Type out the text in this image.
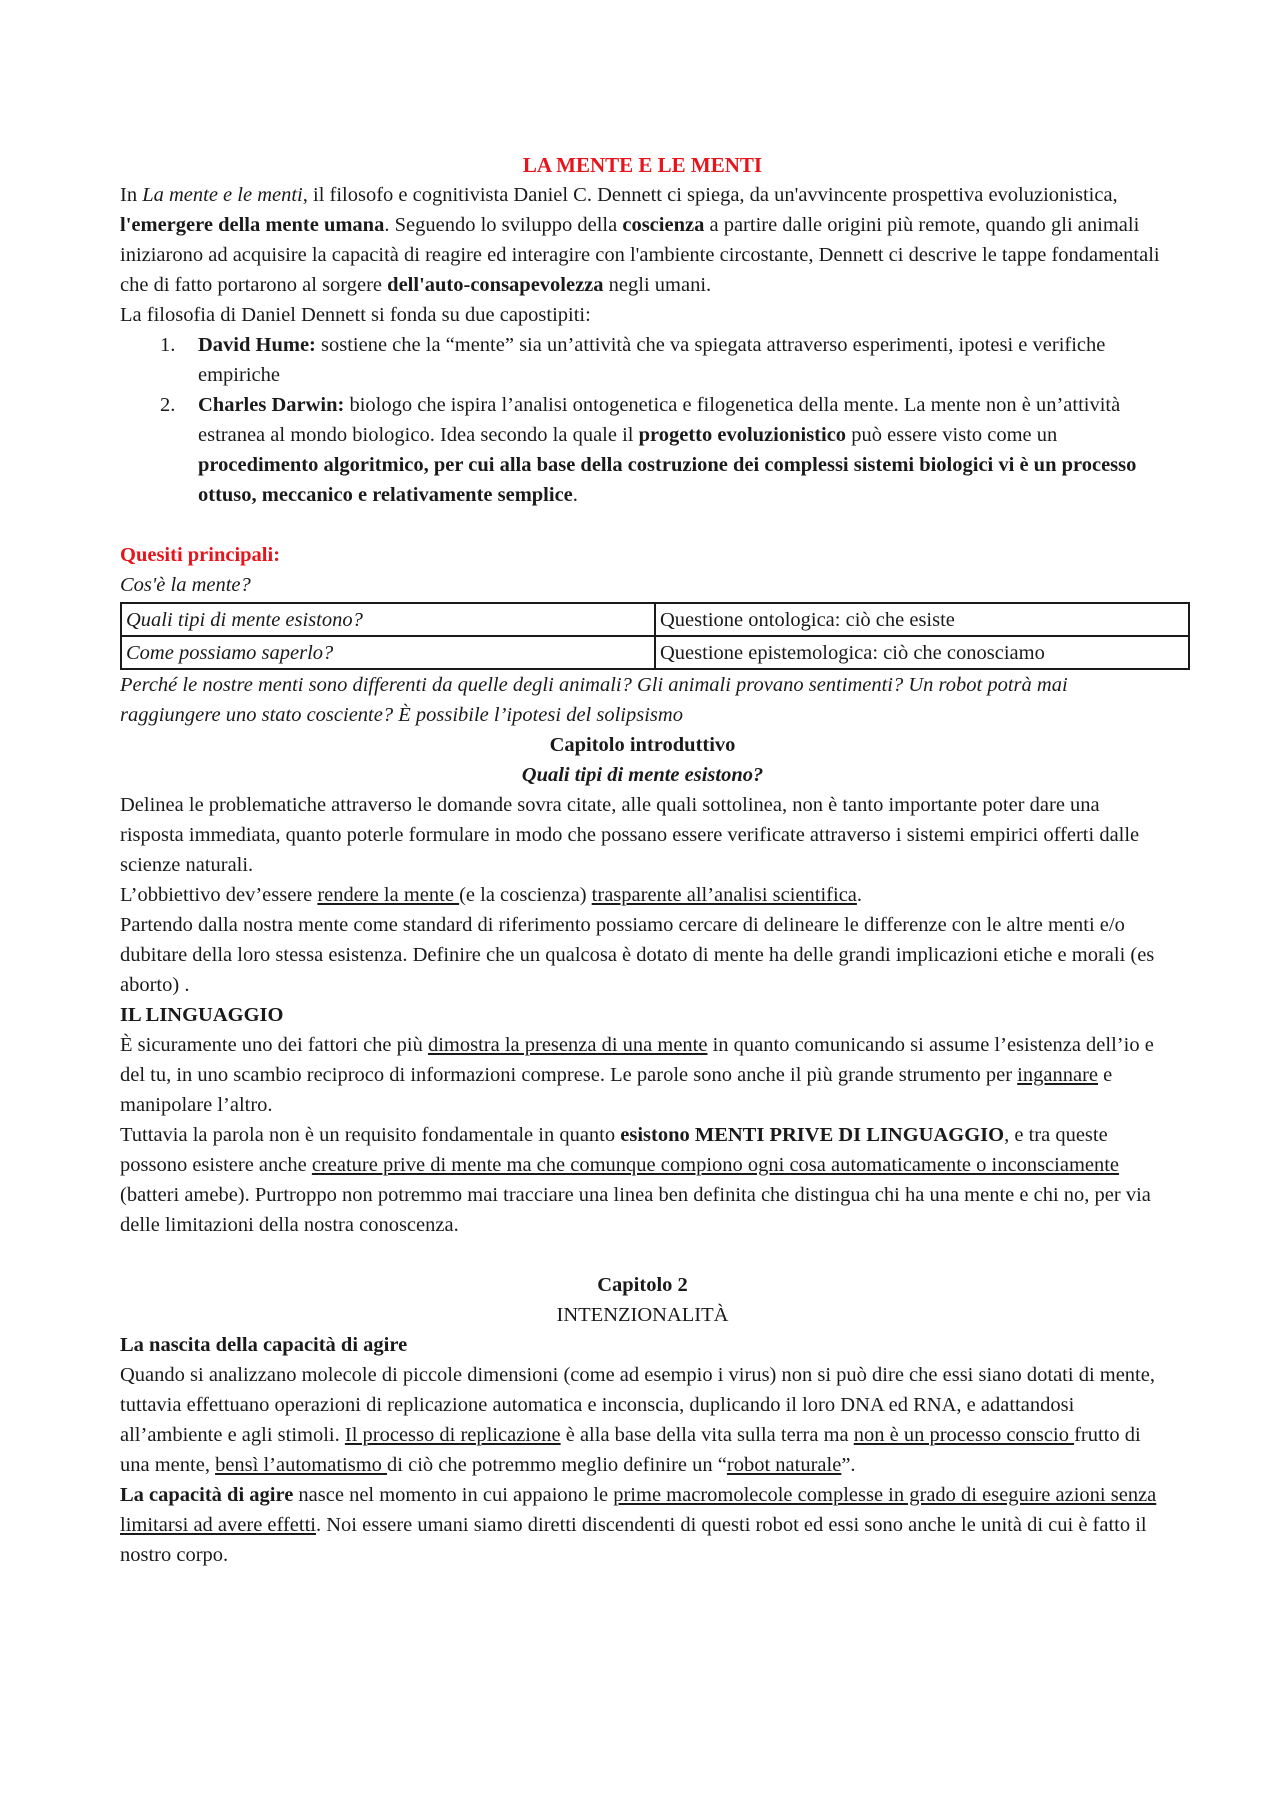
LA MENTE E LE MENTI

In La mente e le menti, il filosofo e cognitivista Daniel C. Dennett ci spiega, da un'avvincente prospettiva evoluzionistica, l'emergere della mente umana. Seguendo lo sviluppo della coscienza a partire dalle origini più remote, quando gli animali iniziarono ad acquisire la capacità di reagire ed interagire con l'ambiente circostante, Dennett ci descrive le tappe fondamentali che di fatto portarono al sorgere dell'auto-consapevolezza negli umani.

La filosofia di Daniel Dennett si fonda su due capostipiti:

1. David Hume: sostiene che la “mente” sia un’attività che va spiegata attraverso esperimenti, ipotesi e verifiche empiriche
2. Charles Darwin: biologo che ispira l’analisi ontogenetica e filogenetica della mente. La mente non è un’attività estranea al mondo biologico. Idea secondo la quale il progetto evoluzionistico può essere visto come un procedimento algoritmico, per cui alla base della costruzione dei complessi sistemi biologici vi è un processo ottuso, meccanico e relativamente semplice.

Quesiti principali:

Cos'è la mente?

Quali tipi di mente esistono?	Questione ontologica: ciò che esiste
Come possiamo saperlo?	Questione epistemologica: ciò che conosciamo

Perché le nostre menti sono differenti da quelle degli animali? Gli animali provano sentimenti? Un robot potrà mai raggiungere uno stato cosciente? È possibile l’ipotesi del solipsismo

Capitolo introduttivo

Quali tipi di mente esistono?

Delinea le problematiche attraverso le domande sovra citate, alle quali sottolinea, non è tanto importante poter dare una risposta immediata, quanto poterle formulare in modo che possano essere verificate attraverso i sistemi empirici offerti dalle scienze naturali.

L’obbiettivo dev’essere rendere la mente (e la coscienza) trasparente all’analisi scientifica.

Partendo dalla nostra mente come standard di riferimento possiamo cercare di delineare le differenze con le altre menti e/o dubitare della loro stessa esistenza. Definire che un qualcosa è dotato di mente ha delle grandi implicazioni etiche e morali (es aborto) .

IL LINGUAGGIO

È sicuramente uno dei fattori che più dimostra la presenza di una mente in quanto comunicando si assume l’esistenza dell’io e del tu, in uno scambio reciproco di informazioni comprese. Le parole sono anche il più grande strumento per ingannare e manipolare l’altro.

Tuttavia la parola non è un requisito fondamentale in quanto esistono MENTI PRIVE DI LINGUAGGIO, e tra queste possono esistere anche creature prive di mente ma che comunque compiono ogni cosa automaticamente o inconsciamente (batteri amebe). Purtroppo non potremmo mai tracciare una linea ben definita che distingua chi ha una mente e chi no, per via delle limitazioni della nostra conoscenza.

Capitolo 2

INTENZIONALITÀ

La nascita della capacità di agire

Quando si analizzano molecole di piccole dimensioni (come ad esempio i virus) non si può dire che essi siano dotati di mente, tuttavia effettuano operazioni di replicazione automatica e inconscia, duplicando il loro DNA ed RNA, e adattandosi all’ambiente e agli stimoli. Il processo di replicazione è alla base della vita sulla terra ma non è un processo conscio frutto di una mente, bensì l’automatismo di ciò che potremmo meglio definire un “robot naturale”.

La capacità di agire nasce nel momento in cui appaiono le prime macromolecole complesse in grado di eseguire azioni senza limitarsi ad avere effetti. Noi essere umani siamo diretti discendenti di questi robot ed essi sono anche le unità di cui è fatto il nostro corpo.
